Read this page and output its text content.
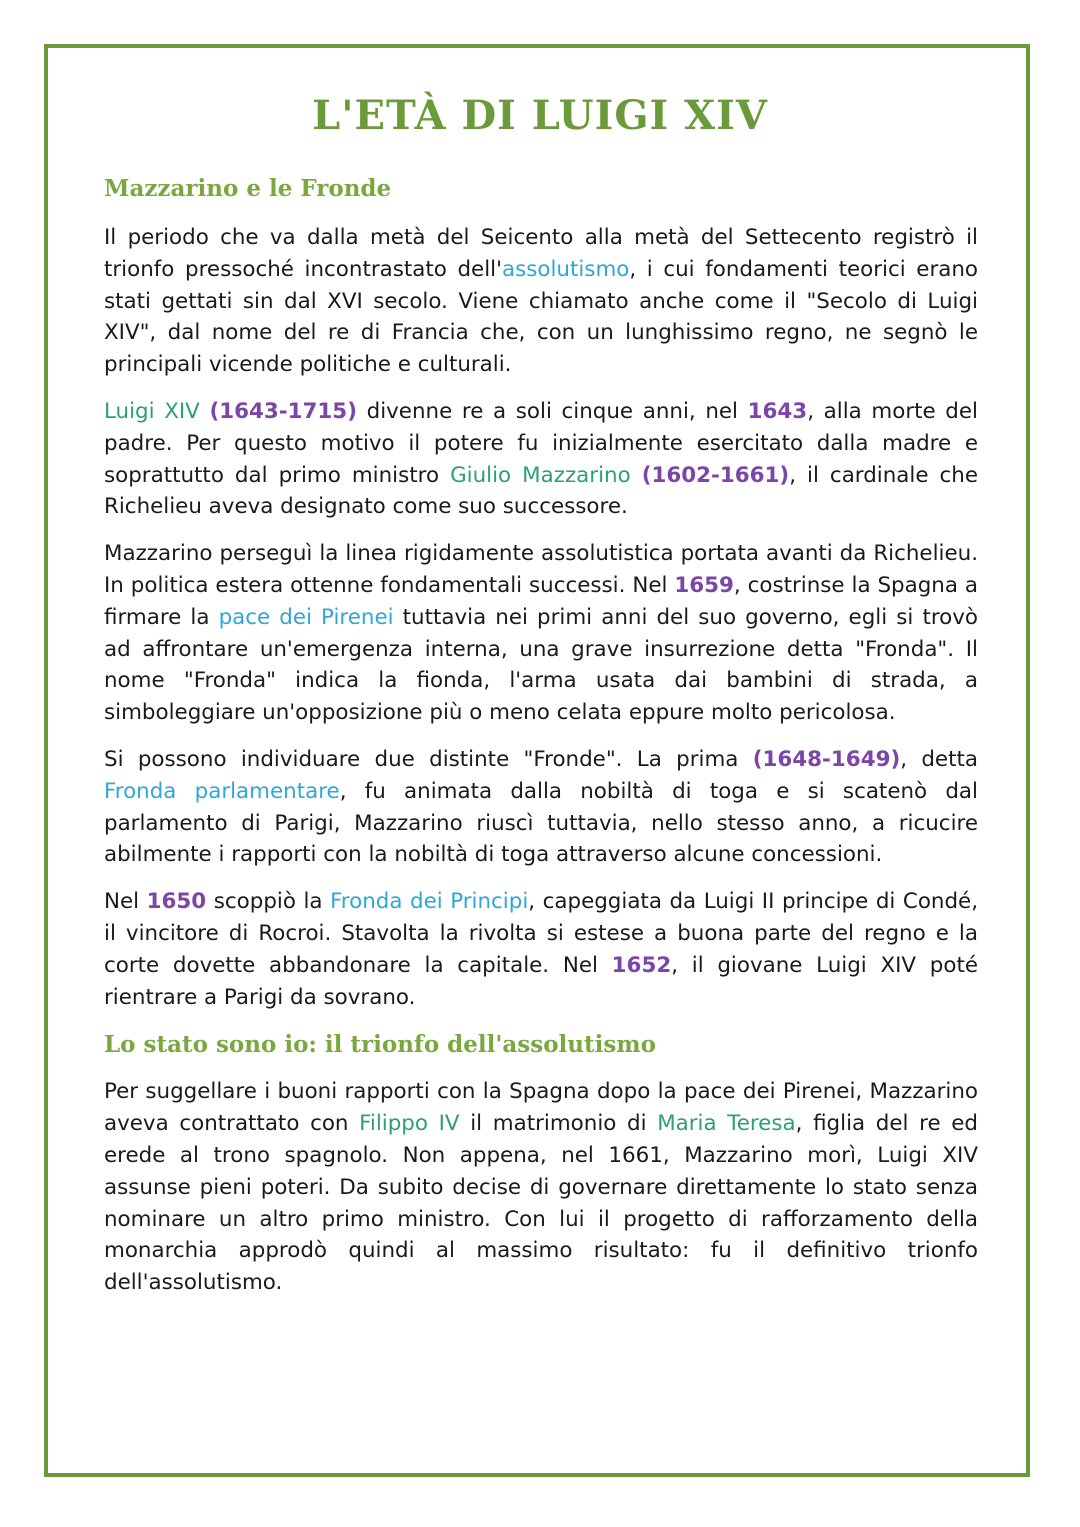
L'ETÀ DI LUIGI XIV
Mazzarino e le Fronde

Il periodo che va dalla metà del Seicento alla metà del Settecento registrò il trionfo pressoché incontrastato dell'assolutismo, i cui fondamenti teorici erano stati gettati sin dal XVI secolo. Viene chiamato anche come il "Secolo di Luigi XIV", dal nome del re di Francia che, con un lunghissimo regno, ne segnò le principali vicende politiche e culturali.

Luigi XIV (1643-1715) divenne re a soli cinque anni, nel 1643, alla morte del padre. Per questo motivo il potere fu inizialmente esercitato dalla madre e soprattutto dal primo ministro Giulio Mazzarino (1602-1661), il cardinale che Richelieu aveva designato come suo successore.

Mazzarino perseguì la linea rigidamente assolutistica portata avanti da Richelieu. In politica estera ottenne fondamentali successi. Nel 1659, costrinse la Spagna a firmare la pace dei Pirenei tuttavia nei primi anni del suo governo, egli si trovò ad affrontare un'emergenza interna, una grave insurrezione detta "Fronda". Il nome "Fronda" indica la fionda, l'arma usata dai bambini di strada, a simboleggiare un'opposizione più o meno celata eppure molto pericolosa.

Si possono individuare due distinte "Fronde". La prima (1648-1649), detta Fronda parlamentare, fu animata dalla nobiltà di toga e si scatenò dal parlamento di Parigi, Mazzarino riuscì tuttavia, nello stesso anno, a ricucire abilmente i rapporti con la nobiltà di toga attraverso alcune concessioni.

Nel 1650 scoppiò la Fronda dei Principi, capeggiata da Luigi II principe di Condé, il vincitore di Rocroi. Stavolta la rivolta si estese a buona parte del regno e la corte dovette abbandonare la capitale. Nel 1652, il giovane Luigi XIV poté rientrare a Parigi da sovrano.

Lo stato sono io: il trionfo dell'assolutismo

Per suggellare i buoni rapporti con la Spagna dopo la pace dei Pirenei, Mazzarino aveva contrattato con Filippo IV il matrimonio di Maria Teresa, figlia del re ed erede al trono spagnolo. Non appena, nel 1661, Mazzarino morì, Luigi XIV assunse pieni poteri. Da subito decise di governare direttamente lo stato senza nominare un altro primo ministro. Con lui il progetto di rafforzamento della monarchia approdò quindi al massimo risultato: fu il definitivo trionfo dell'assolutismo.
